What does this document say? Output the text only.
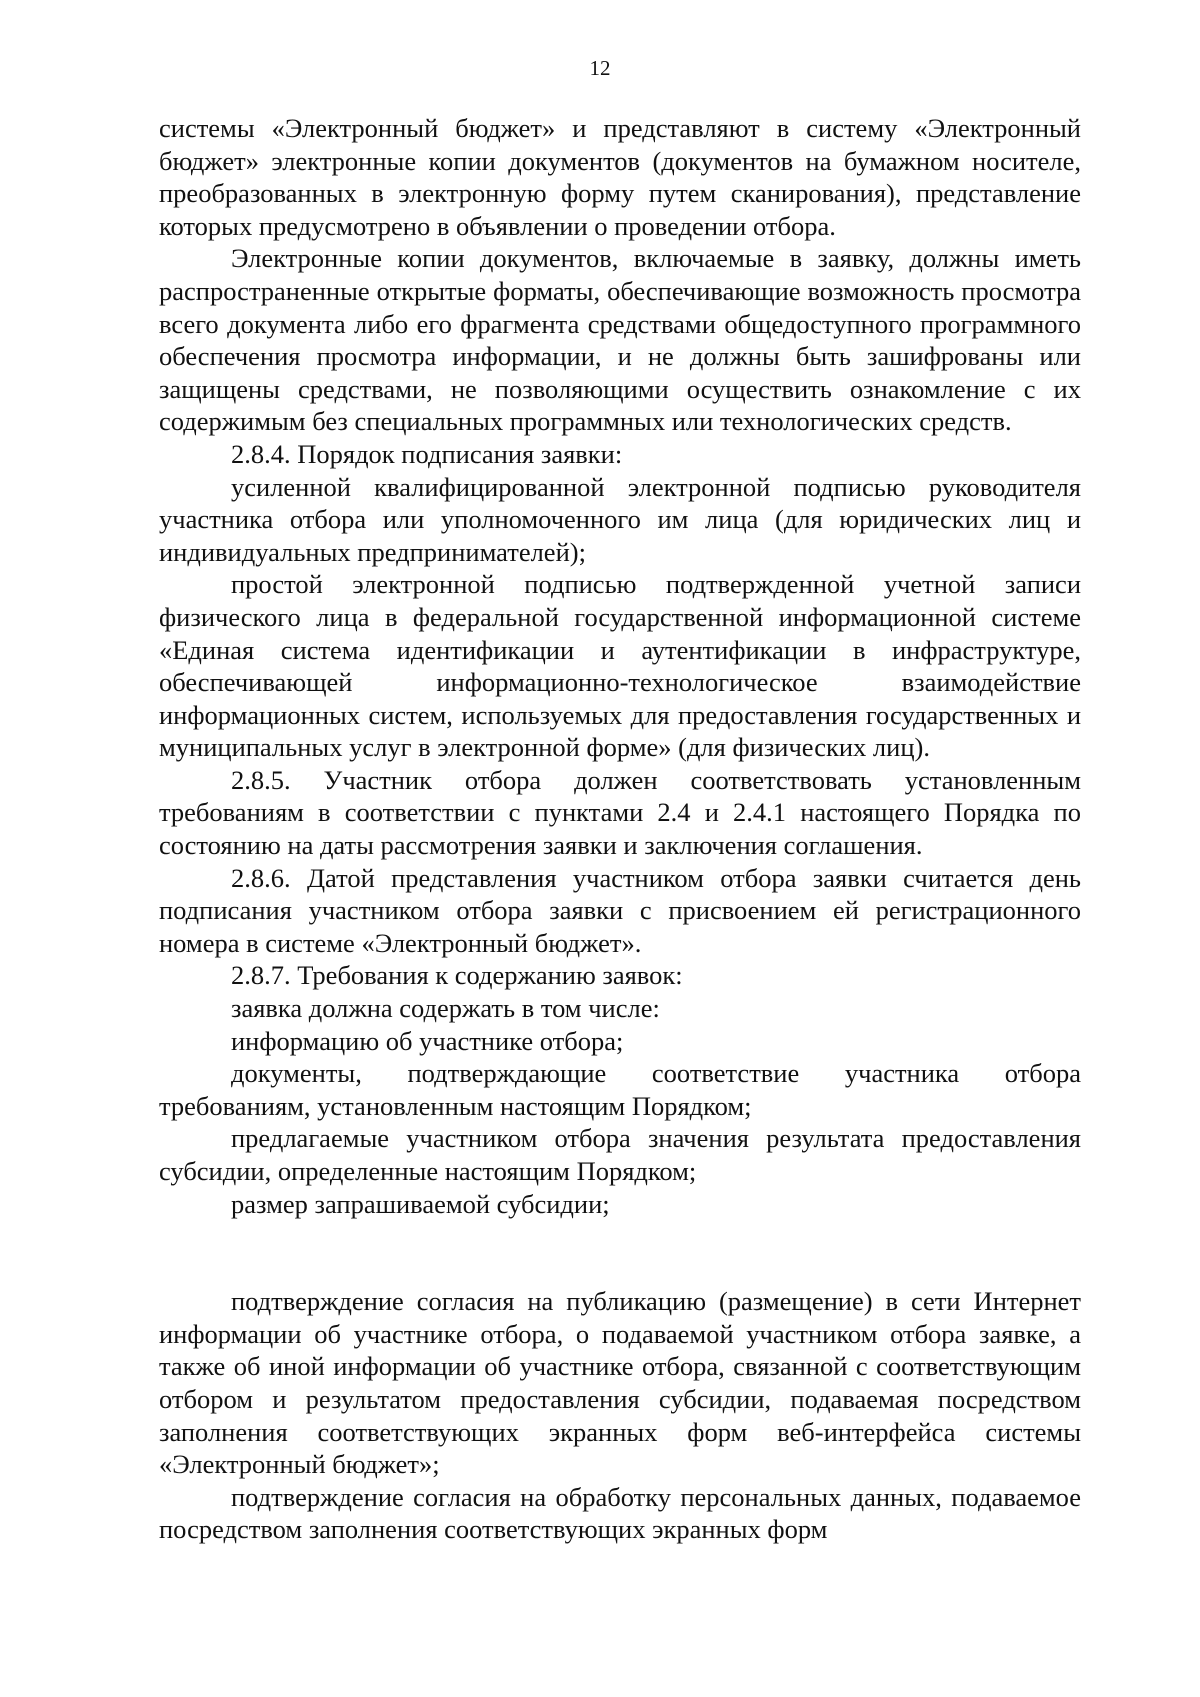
12

системы «Электронный бюджет» и представляют в систему «Электронный бюджет» электронные копии документов (документов на бумажном носителе, преобразованных в электронную форму путем сканирования), представление которых предусмотрено в объявлении о проведении отбора.

Электронные копии документов, включаемые в заявку, должны иметь распространенные открытые форматы, обеспечивающие возможность просмотра всего документа либо его фрагмента средствами общедоступного программного обеспечения просмотра информации, и не должны быть зашифрованы или защищены средствами, не позволяющими осуществить ознакомление с их содержимым без специальных программных или технологических средств.

2.8.4. Порядок подписания заявки:

усиленной квалифицированной электронной подписью руководителя участника отбора или уполномоченного им лица (для юридических лиц и индивидуальных предпринимателей);

простой электронной подписью подтвержденной учетной записи физического лица в федеральной государственной информационной системе «Единая система идентификации и аутентификации в инфраструктуре, обеспечивающей информационно-технологическое взаимодействие информационных систем, используемых для предоставления государственных и муниципальных услуг в электронной форме» (для физических лиц).

2.8.5. Участник отбора должен соответствовать установленным требованиям в соответствии с пунктами 2.4 и 2.4.1 настоящего Порядка по состоянию на даты рассмотрения заявки и заключения соглашения.

2.8.6. Датой представления участником отбора заявки считается день подписания участником отбора заявки с присвоением ей регистрационного номера в системе «Электронный бюджет».

2.8.7. Требования к содержанию заявок:

заявка должна содержать в том числе:

информацию об участнике отбора;

документы, подтверждающие соответствие участника отбора требованиям, установленным настоящим Порядком;

предлагаемые участником отбора значения результата предоставления субсидии, определенные настоящим Порядком;

размер запрашиваемой субсидии;

подтверждение согласия на публикацию (размещение) в сети Интернет информации об участнике отбора, о подаваемой участником отбора заявке, а также об иной информации об участнике отбора, связанной с соответствующим отбором и результатом предоставления субсидии, подаваемая посредством заполнения соответствующих экранных форм веб-интерфейса системы «Электронный бюджет»;

подтверждение согласия на обработку персональных данных, подаваемое посредством заполнения соответствующих экранных форм
